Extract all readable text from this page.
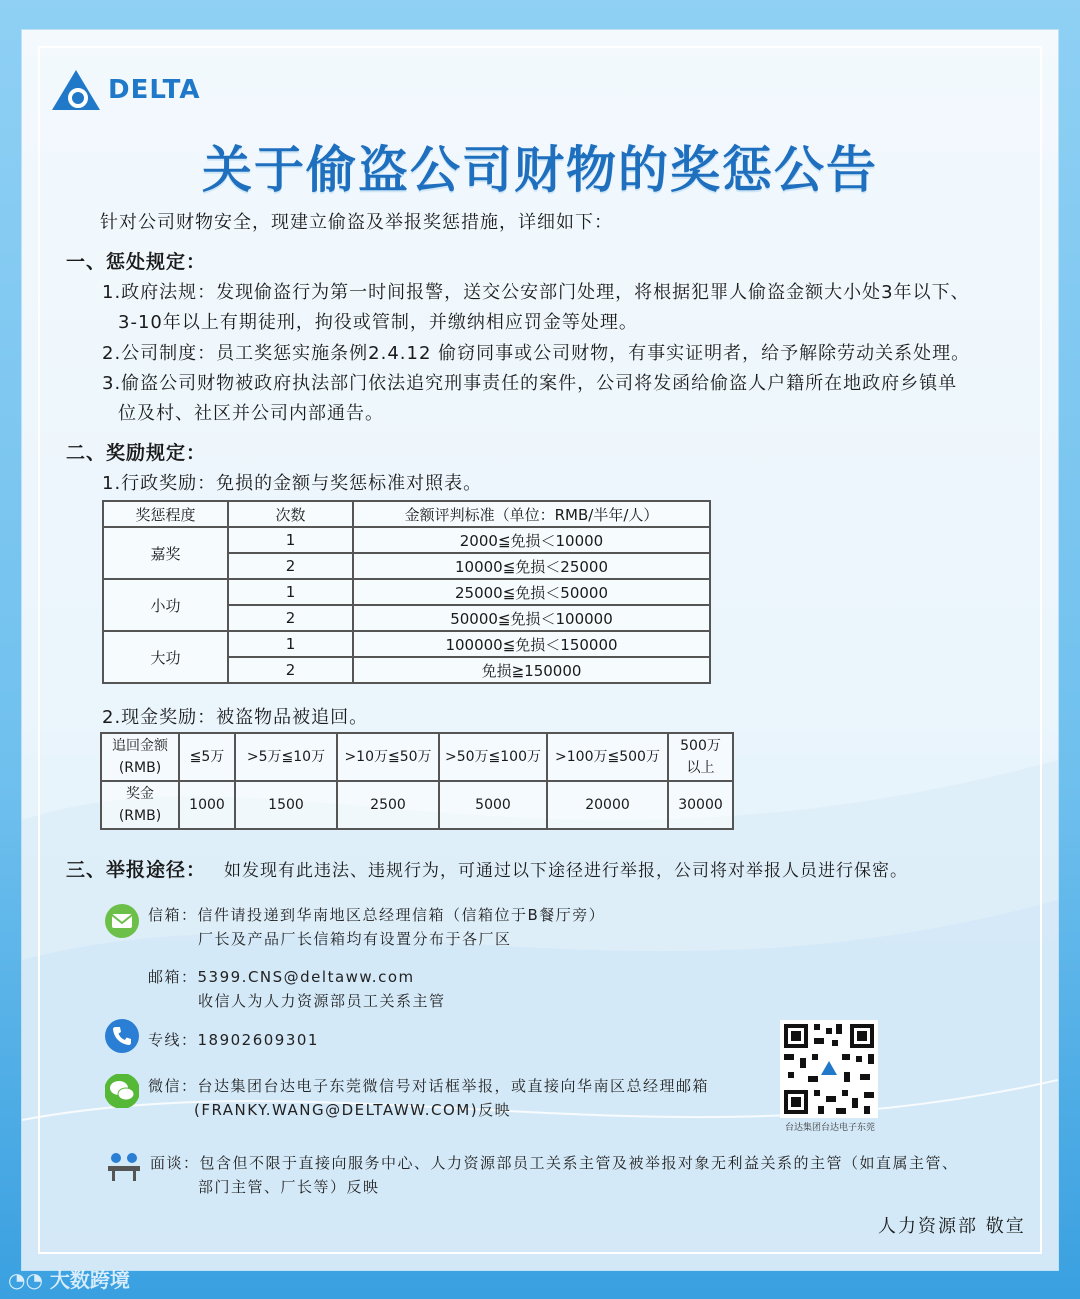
DELTA
关于偷盗公司财物的奖惩公告
针对公司财物安全，现建立偷盗及举报奖惩措施，详细如下：
一、惩处规定：
1.政府法规：发现偷盗行为第一时间报警，送交公安部门处理，将根据犯罪人偷盗金额大小处3年以下、
3-10年以上有期徒刑，拘役或管制，并缴纳相应罚金等处理。
2.公司制度：员工奖惩实施条例2.4.12 偷窃同事或公司财物，有事实证明者，给予解除劳动关系处理。
3.偷盗公司财物被政府执法部门依法追究刑事责任的案件，公司将发函给偷盗人户籍所在地政府乡镇单
位及村、社区并公司内部通告。
二、奖励规定：
1.行政奖励：免损的金额与奖惩标准对照表。
奖惩程度	次数	金额评判标准（单位：RMB/半年/人）
嘉奖	1	2000≦免损＜10000
	2	10000≦免损＜25000
小功	1	25000≦免损＜50000
	2	50000≦免损＜100000
大功	1	100000≦免损＜150000
	2	免损≧150000
2.现金奖励：被盗物品被追回。
追回金额
(RMB)	≦5万	>5万≦10万	>10万≦50万	>50万≦100万	>100万≦500万	500万
以上
奖金
(RMB)	1000	1500	2500	5000	20000	30000
三、举报途径： 如发现有此违法、违规行为，可通过以下途径进行举报，公司将对举报人员进行保密。
信箱：信件请投递到华南地区总经理信箱（信箱位于B餐厅旁）
厂长及产品厂长信箱均有设置分布于各厂区
邮箱：5399.CNS@deltaww.com
收信人为人力资源部员工关系主管
专线：18902609301
微信：台达集团台达电子东莞微信号对话框举报，或直接向华南区总经理邮箱
(FRANKY.WANG@DELTAWW.COM)反映
面谈：包含但不限于直接向服务中心、人力资源部员工关系主管及被举报对象无利益关系的主管（如直属主管、
部门主管、厂长等）反映
台达集团台达电子东莞
人力资源部 敬宣
◔◔ 大数跨境
